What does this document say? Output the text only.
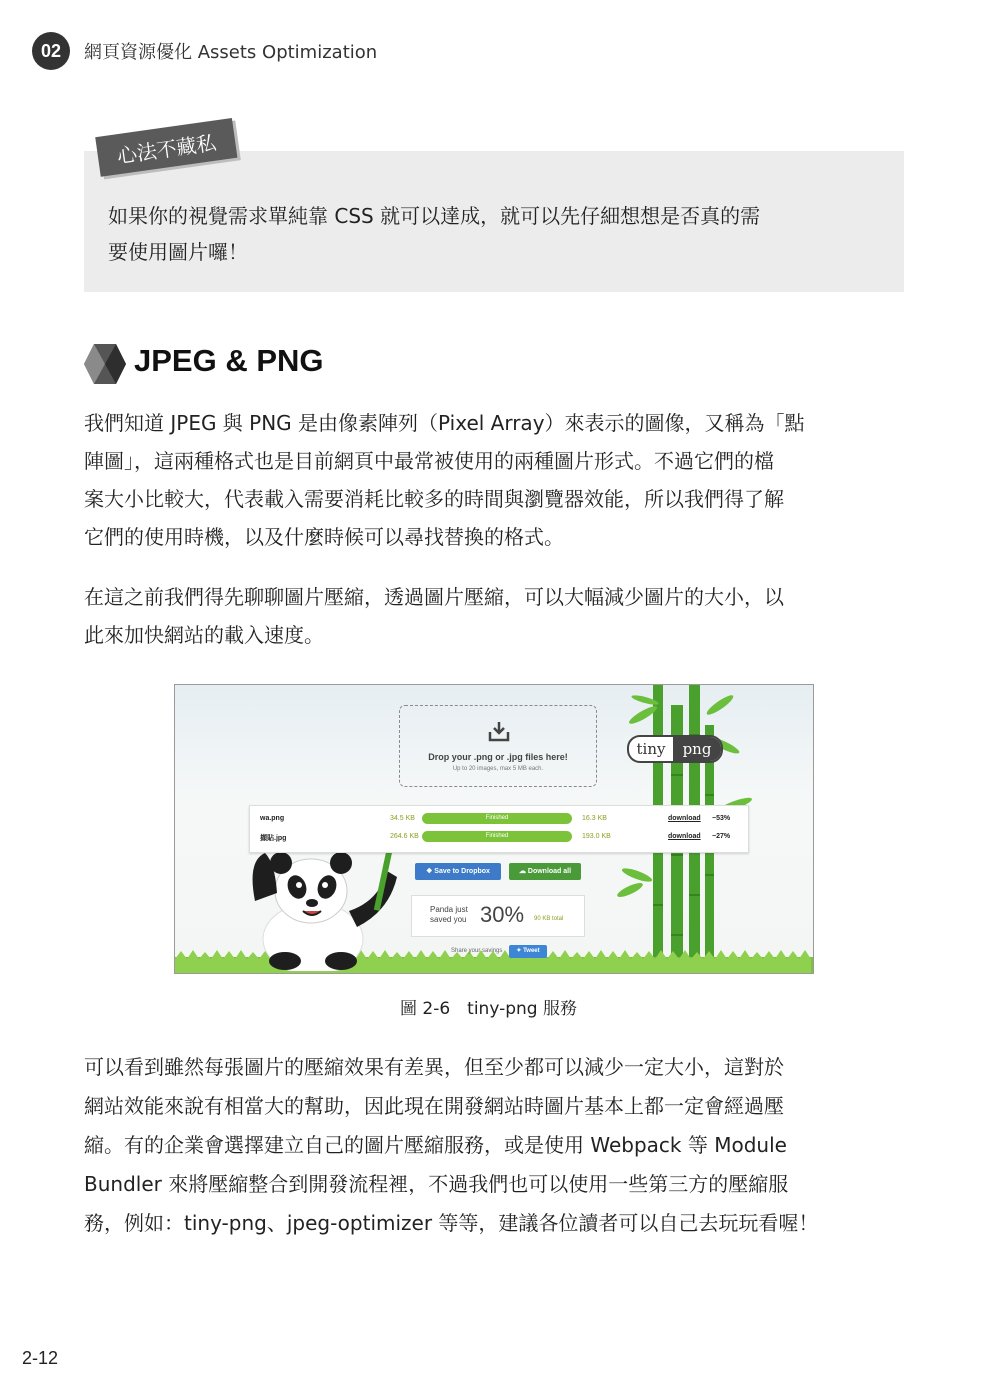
02	網頁資源優化 Assets Optimization
心法不藏私
如果你的視覺需求單純靠 CSS 就可以達成，就可以先仔細想想是否真的需
要使用圖片囉！
JPEG & PNG
我們知道 JPEG 與 PNG 是由像素陣列（Pixel Array）來表示的圖像，又稱為「點
陣圖」，這兩種格式也是目前網頁中最常被使用的兩種圖片形式。不過它們的檔
案大小比較大，代表載入需要消耗比較多的時間與瀏覽器效能，所以我們得了解
它們的使用時機，以及什麼時候可以尋找替換的格式。
在這之前我們得先聊聊圖片壓縮，透過圖片壓縮，可以大幅減少圖片的大小，以
此來加快網站的載入速度。
Drop your .png or .jpg files here!
Up to 20 images, max 5 MB each.
tiny	png
wa.png	34.5 KB	Finished	16.3 KB	download −53%
擷貼.jpg	264.6 KB	Finished	193.0 KB	download −27%
❖ Save to Dropbox	☁ Download all
Panda just saved you 30% 90 KB total
Share your savings	✦ Tweet
圖 2-6　tiny-png 服務
可以看到雖然每張圖片的壓縮效果有差異，但至少都可以減少一定大小，這對於
網站效能來說有相當大的幫助，因此現在開發網站時圖片基本上都一定會經過壓
縮。有的企業會選擇建立自己的圖片壓縮服務，或是使用 Webpack 等 Module
Bundler 來將壓縮整合到開發流程裡，不過我們也可以使用一些第三方的壓縮服
務，例如：tiny-png、jpeg-optimizer 等等，建議各位讀者可以自己去玩玩看喔！
2-12
